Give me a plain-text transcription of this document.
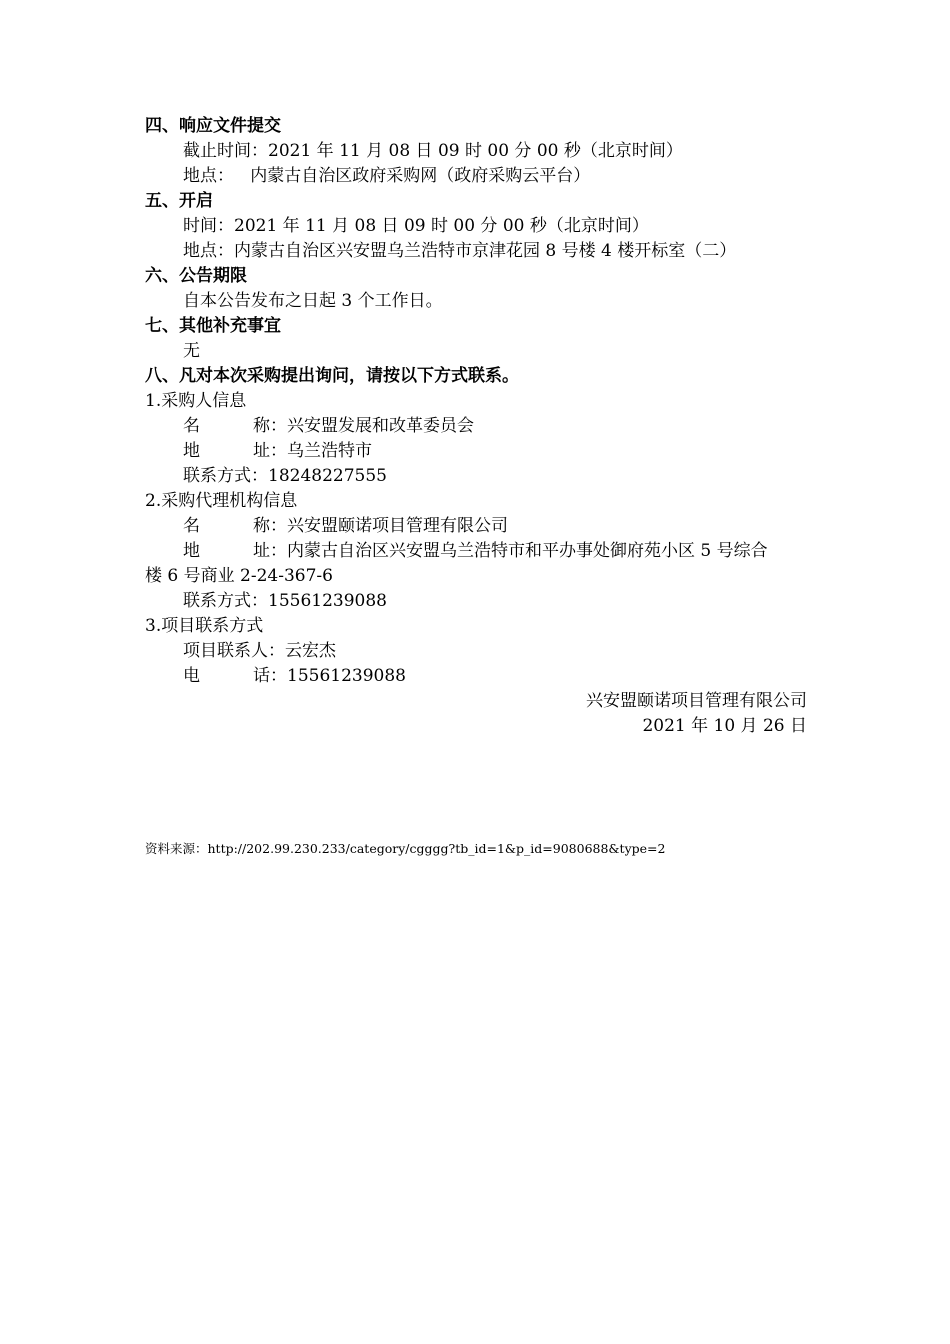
四、响应文件提交
截止时间：2021 年 11 月 08 日 09 时 00 分 00 秒（北京时间）
地点：   内蒙古自治区政府采购网（政府采购云平台）
五、开启
时间：2021 年 11 月 08 日 09 时 00 分 00 秒（北京时间）
地点：内蒙古自治区兴安盟乌兰浩特市京津花园 8 号楼 4 楼开标室（二）
六、公告期限
自本公告发布之日起 3 个工作日。
七、其他补充事宜
无
八、凡对本次采购提出询问，请按以下方式联系。
1.采购人信息
名称：兴安盟发展和改革委员会
地址：乌兰浩特市
联系方式：18248227555
2.采购代理机构信息
名称：兴安盟颐诺项目管理有限公司
地址：内蒙古自治区兴安盟乌兰浩特市和平办事处御府苑小区 5 号综合
楼 6 号商业 2-24-367-6
联系方式：15561239088
3.项目联系方式
项目联系人：云宏杰
电话：15561239088
兴安盟颐诺项目管理有限公司
2021 年 10 月 26 日
资料来源：http://202.99.230.233/category/cgggg?tb_id=1&p_id=9080688&type=2
